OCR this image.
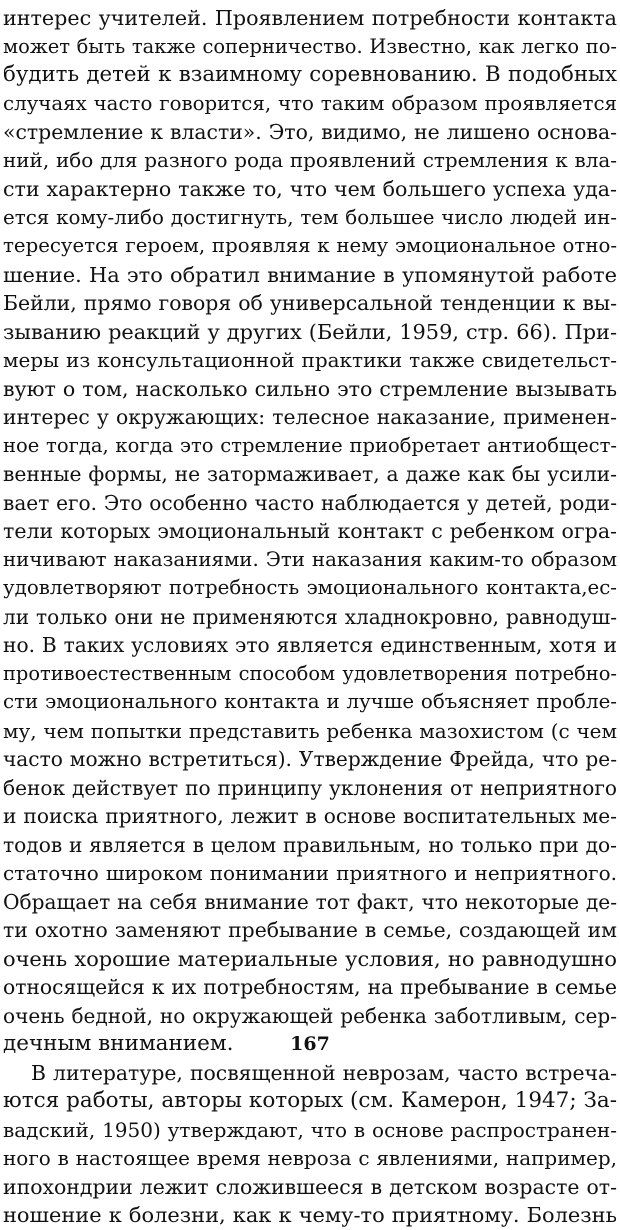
интерес учителей. Проявлением потребности контакта
может быть также соперничество. Известно, как легко по-
будить детей к взаимному соревнованию. В подобных
случаях часто говорится, что таким образом проявляется
«стремление к власти». Это, видимо, не лишено основа-
ний, ибо для разного рода проявлений стремления к вла-
сти характерно также то, что чем большего успеха уда-
ется кому-либо достигнуть, тем большее число людей ин-
тересуется героем, проявляя к нему эмоциональное отно-
шение. На это обратил внимание в упомянутой работе
Бейли, прямо говоря об универсальной тенденции к вы-
зыванию реакций у других (Бейли, 1959, стр. 66). При-
меры из консультационной практики также свидетельст-
вуют о том, насколько сильно это стремление вызывать
интерес у окружающих: телесное наказание, применен-
ное тогда, когда это стремление приобретает антиобщест-
венные формы, не затормаживает, а даже как бы усили-
вает его. Это особенно часто наблюдается у детей, роди-
тели которых эмоциональный контакт с ребенком огра-
ничивают наказаниями. Эти наказания каким-то образом
удовлетворяют потребность эмоционального контакта,ес-
ли только они не применяются хладнокровно, равнодуш-
но. В таких условиях это является единственным, хотя и
противоестественным способом удовлетворения потребно-
сти эмоционального контакта и лучше объясняет пробле-
му, чем попытки представить ребенка мазохистом (с чем
часто можно встретиться). Утверждение Фрейда, что ре-
бенок действует по принципу уклонения от неприятного
и поиска приятного, лежит в основе воспитательных ме-
тодов и является в целом правильным, но только при до-
статочно широком понимании приятного и неприятного.
Обращает на себя внимание тот факт, что некоторые де-
ти охотно заменяют пребывание в семье, создающей им
очень хорошие материальные условия, но равнодушно
относящейся к их потребностям, на пребывание в семье
очень бедной, но окружающей ребенка заботливым, сер-
дечным вниманием.
В литературе, посвященной неврозам, часто встреча-
ются работы, авторы которых (см. Камерон, 1947; За-
вадский, 1950) утверждают, что в основе распространен-
ного в настоящее время невроза с явлениями, например,
ипохондрии лежит сложившееся в детском возрасте от-
ношение к болезни, как к чему-то приятному. Болезнь
167
